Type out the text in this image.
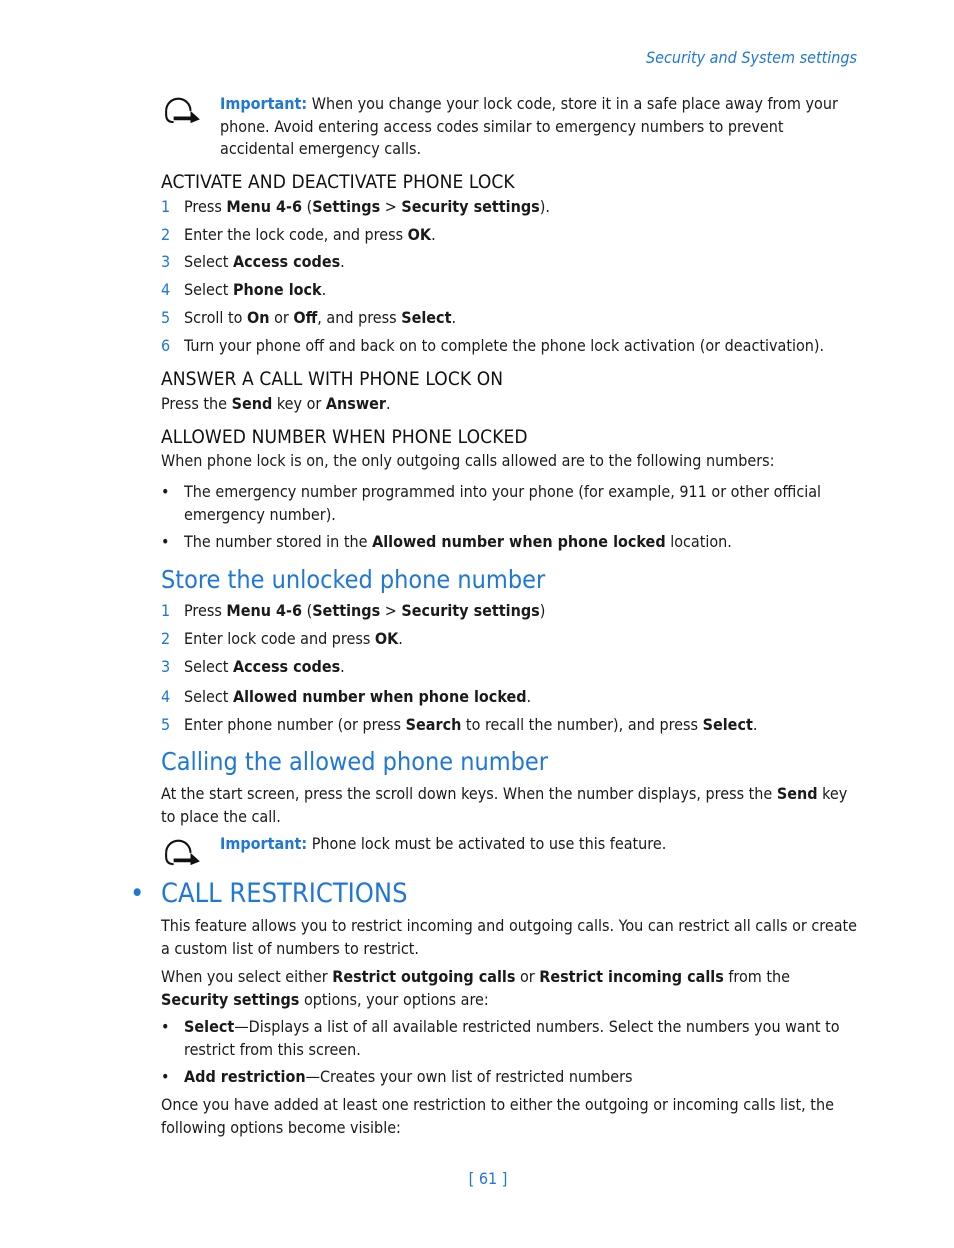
Security and System settings
Important: When you change your lock code, store it in a safe place away from your phone. Avoid entering access codes similar to emergency numbers to prevent accidental emergency calls.
ACTIVATE AND DEACTIVATE PHONE LOCK
1 Press Menu 4-6 (Settings > Security settings).
2 Enter the lock code, and press OK.
3 Select Access codes.
4 Select Phone lock.
5 Scroll to On or Off, and press Select.
6 Turn your phone off and back on to complete the phone lock activation (or deactivation).
ANSWER A CALL WITH PHONE LOCK ON
Press the Send key or Answer.
ALLOWED NUMBER WHEN PHONE LOCKED
When phone lock is on, the only outgoing calls allowed are to the following numbers:
• The emergency number programmed into your phone (for example, 911 or other official emergency number).
• The number stored in the Allowed number when phone locked location.
Store the unlocked phone number
1 Press Menu 4-6 (Settings > Security settings)
2 Enter lock code and press OK.
3 Select Access codes.
4 Select Allowed number when phone locked.
5 Enter phone number (or press Search to recall the number), and press Select.
Calling the allowed phone number
At the start screen, press the scroll down keys. When the number displays, press the Send key to place the call.
Important: Phone lock must be activated to use this feature.
• CALL RESTRICTIONS
This feature allows you to restrict incoming and outgoing calls. You can restrict all calls or create a custom list of numbers to restrict.
When you select either Restrict outgoing calls or Restrict incoming calls from the Security settings options, your options are:
• Select—Displays a list of all available restricted numbers. Select the numbers you want to restrict from this screen.
• Add restriction—Creates your own list of restricted numbers
Once you have added at least one restriction to either the outgoing or incoming calls list, the following options become visible:
[ 61 ]
